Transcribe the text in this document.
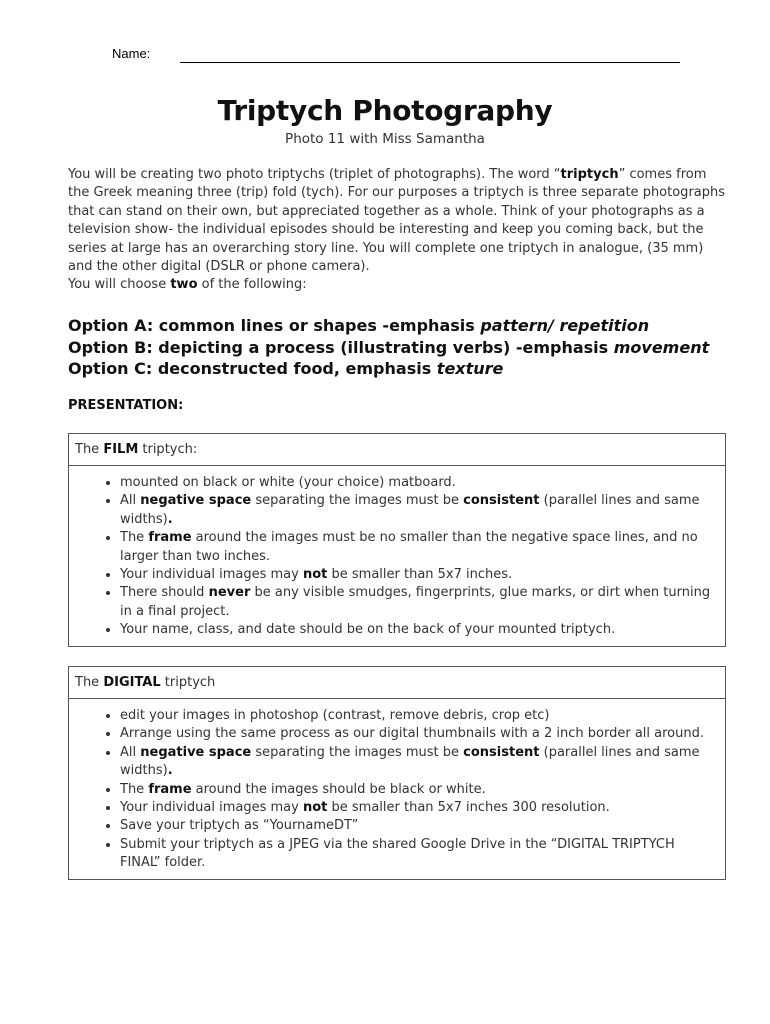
Name:
Triptych Photography
Photo 11 with Miss Samantha

You will be creating two photo triptychs (triplet of photographs). The word “triptych” comes from the Greek meaning three (trip) fold (tych). For our purposes a triptych is three separate photographs that can stand on their own, but appreciated together as a whole. Think of your photographs as a television show- the individual episodes should be interesting and keep you coming back, but the series at large has an overarching story line. You will complete one triptych in analogue, (35 mm) and the other digital (DSLR or phone camera).

You will choose two of the following:

Option A: common lines or shapes -emphasis pattern/ repetition
Option B: depicting a process (illustrating verbs) -emphasis movement
Option C: deconstructed food, emphasis texture
PRESENTATION:
The FILM triptych:
• mounted on black or white (your choice) matboard.
• All negative space separating the images must be consistent (parallel lines and same widths).
• The frame around the images must be no smaller than the negative space lines, and no larger than two inches.
• Your individual images may not be smaller than 5x7 inches.
• There should never be any visible smudges, fingerprints, glue marks, or dirt when turning in a final project.
• Your name, class, and date should be on the back of your mounted triptych.
The DIGITAL triptych
• edit your images in photoshop (contrast, remove debris, crop etc)
• Arrange using the same process as our digital thumbnails with a 2 inch border all around.
• All negative space separating the images must be consistent (parallel lines and same widths).
• The frame around the images should be black or white.
• Your individual images may not be smaller than 5x7 inches 300 resolution.
• Save your triptych as “YournameDT”
• Submit your triptych as a JPEG via the shared Google Drive in the “DIGITAL TRIPTYCH FINAL” folder.
